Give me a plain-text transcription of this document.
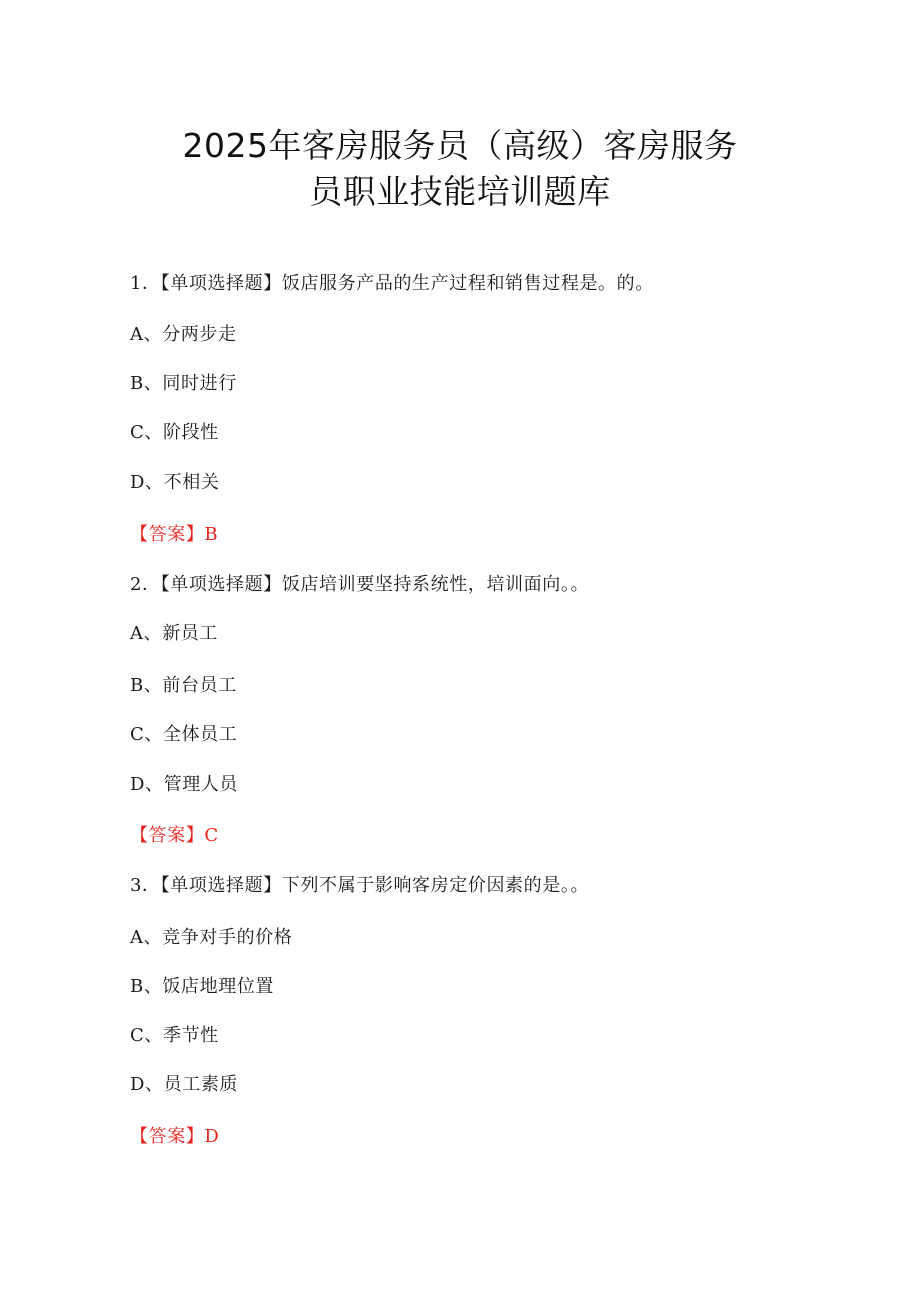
2025年客房服务员（高级）客房服务
员职业技能培训题库
1．【单项选择题】饭店服务产品的生产过程和销售过程是。的。
A、分两步走
B、同时进行
C、阶段性
D、不相关
【答案】B
2．【单项选择题】饭店培训要坚持系统性，培训面向。。
A、新员工
B、前台员工
C、全体员工
D、管理人员
【答案】C
3．【单项选择题】下列不属于影响客房定价因素的是。。
A、竞争对手的价格
B、饭店地理位置
C、季节性
D、员工素质
【答案】D
